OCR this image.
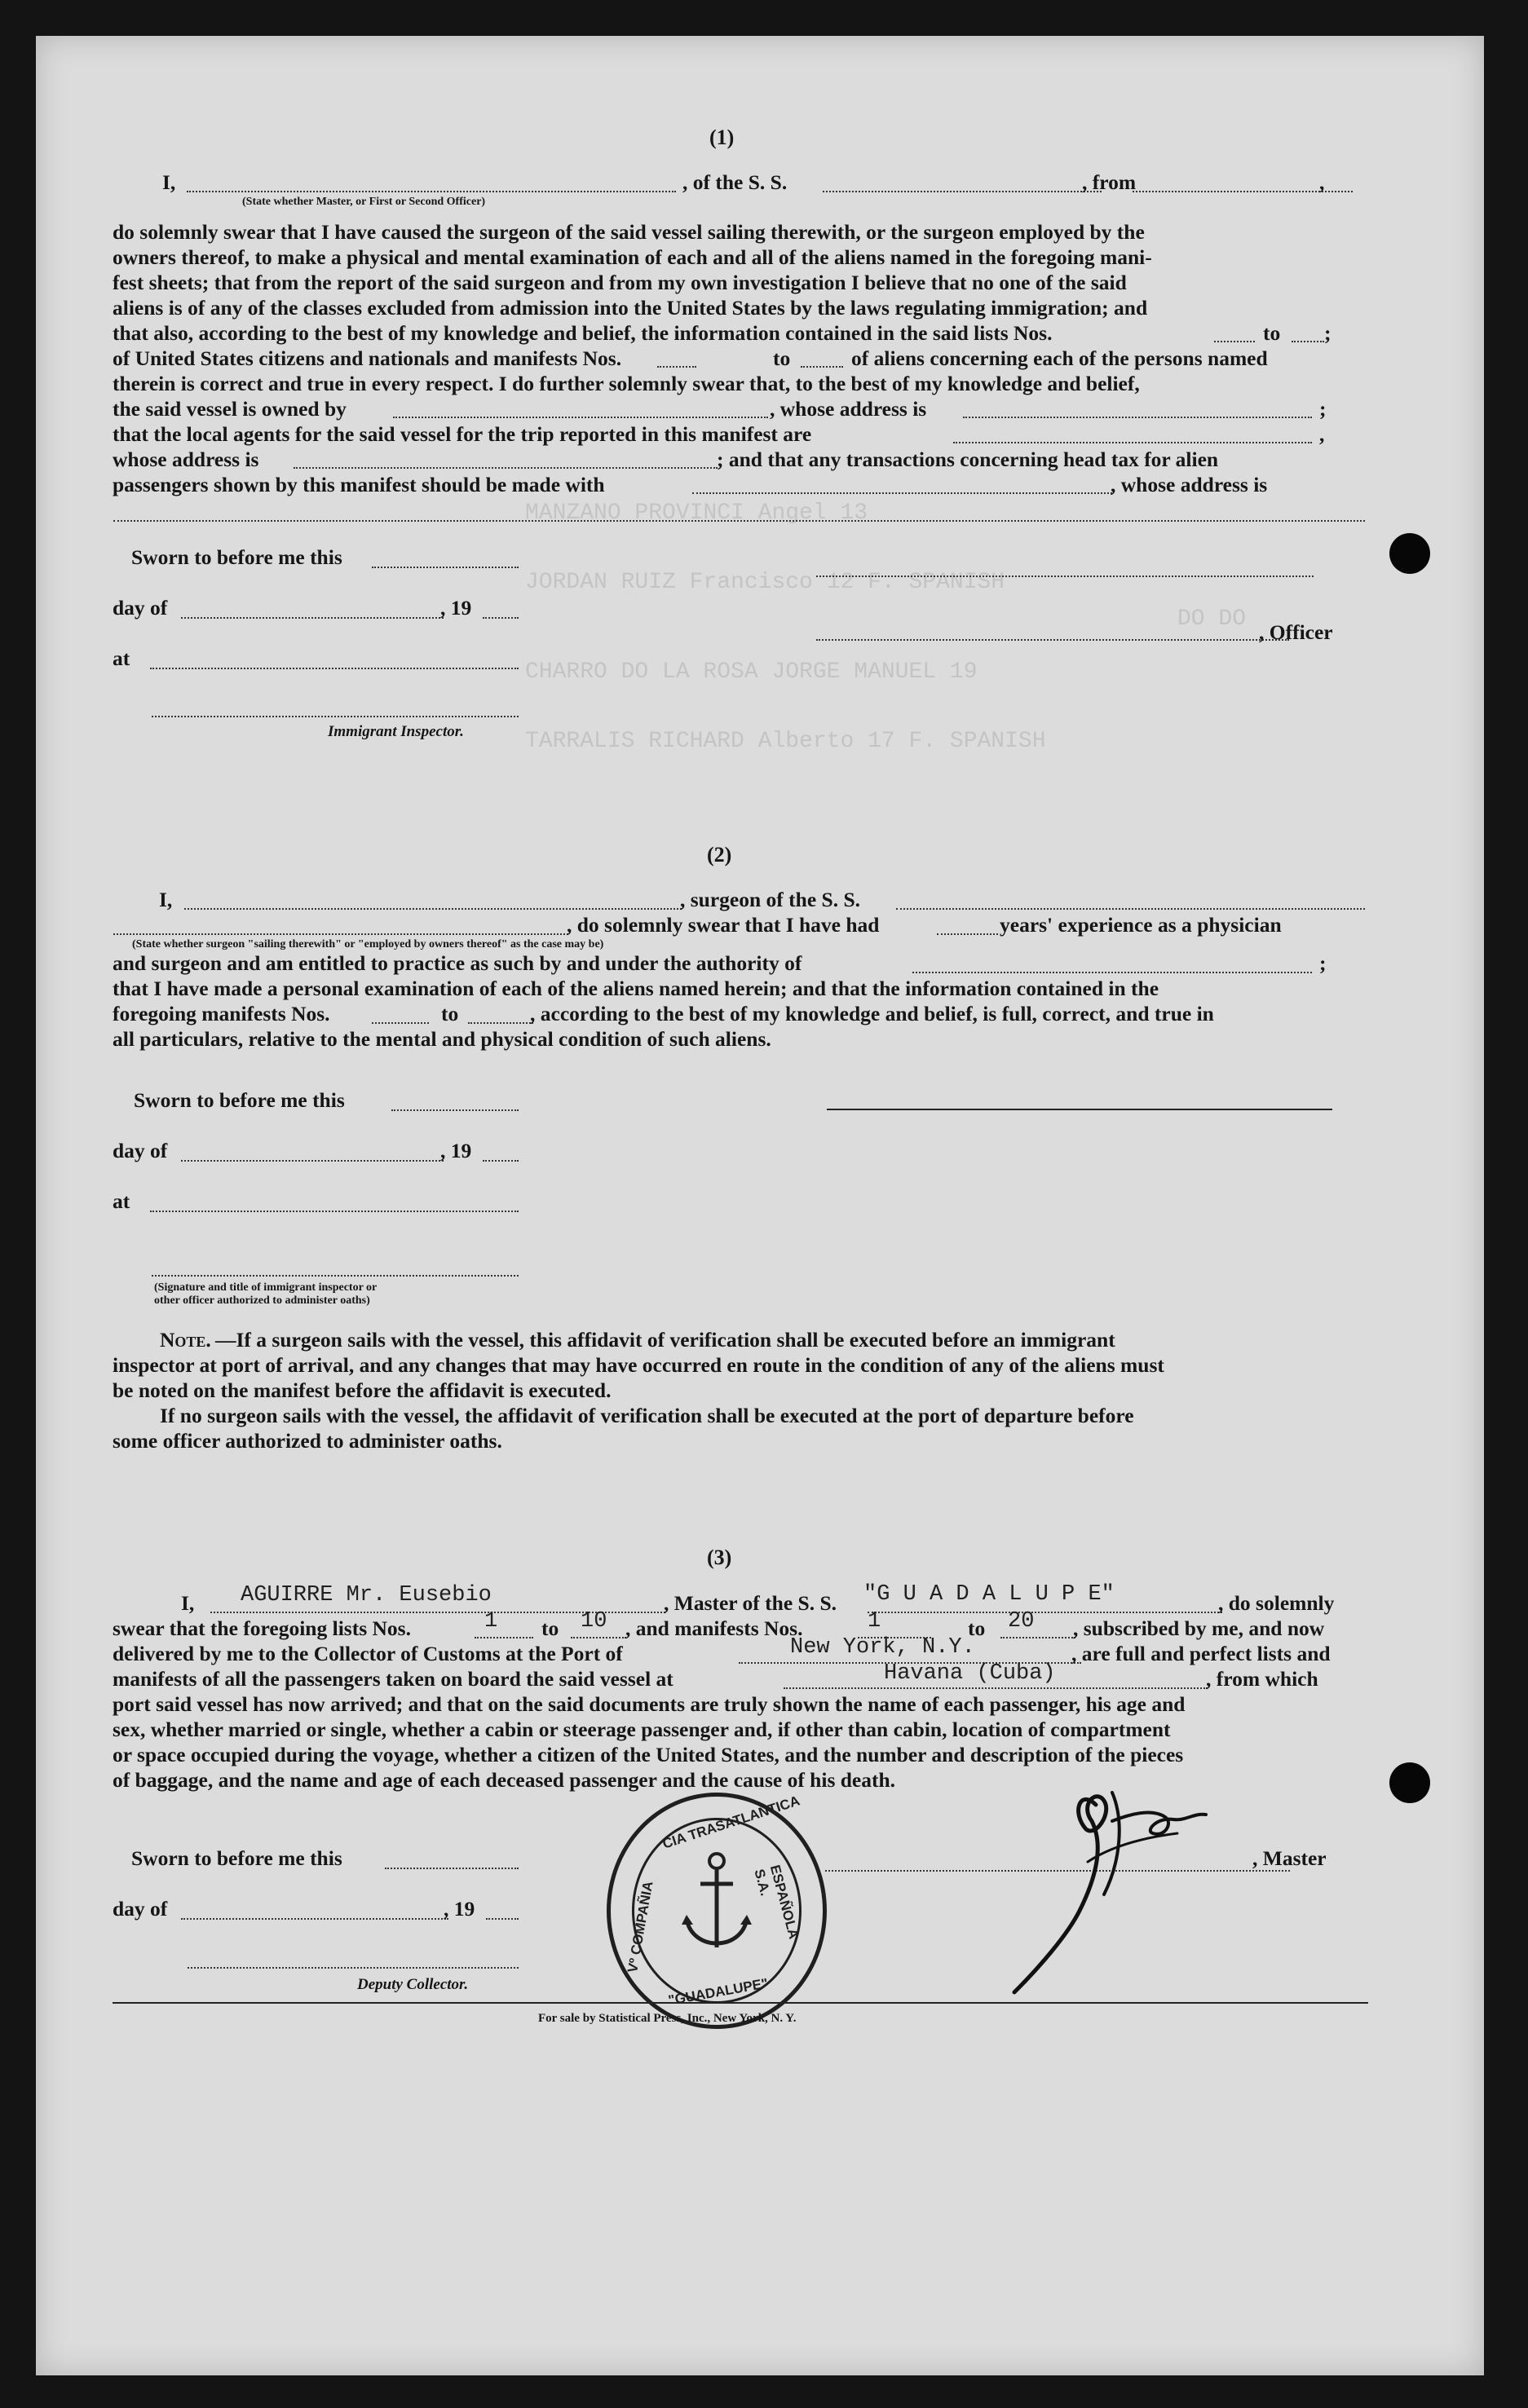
MANZANO PROVINCI Angel 13
JORDAN RUIZ Francisco 12 F. SPANISH
DO DO
CHARRO DO LA ROSA JORGE MANUEL 19
TARRALIS RICHARD Alberto 17 F. SPANISH
(1)
I,
(State whether Master, or First or Second Officer)
, of the S. S.	, from	,
do solemnly swear that I have caused the surgeon of the said vessel sailing therewith, or the surgeon employed by the
owners thereof, to make a physical and mental examination of each and all of the aliens named in the foregoing mani-
fest sheets; that from the report of the said surgeon and from my own investigation I believe that no one of the said
aliens is of any of the classes excluded from admission into the United States by the laws regulating immigration; and
that also, according to the best of my knowledge and belief, the information contained in the said lists Nos.	to ;
of United States citizens and nationals and manifests Nos.	to	of aliens concerning each of the persons named
therein is correct and true in every respect. I do further solemnly swear that, to the best of my knowledge and belief,
the said vessel is owned by	, whose address is	;
that the local agents for the said vessel for the trip reported in this manifest are	,
whose address is	; and that any transactions concerning head tax for alien
passengers shown by this manifest should be made with	, whose address is
Sworn to before me this
day of	, 19
at
Immigrant Inspector.
, Officer
(2)
I,	, surgeon of the S. S.
(State whether surgeon "sailing therewith" or "employed by owners thereof" as the case may be)
, do solemnly swear that I have had	years' experience as a physician
and surgeon and am entitled to practice as such by and under the authority of	;
that I have made a personal examination of each of the aliens named herein; and that the information contained in the
foregoing manifests Nos.	to	, according to the best of my knowledge and belief, is full, correct, and true in
all particulars, relative to the mental and physical condition of such aliens.
Sworn to before me this
day of	, 19
at
(Signature and title of immigrant inspector or
other officer authorized to administer oaths)
Note. —If a surgeon sails with the vessel, this affidavit of verification shall be executed before an immigrant
inspector at port of arrival, and any changes that may have occurred en route in the condition of any of the aliens must
be noted on the manifest before the affidavit is executed.
If no surgeon sails with the vessel, the affidavit of verification shall be executed at the port of departure before
some officer authorized to administer oaths.
(3)
I, AGUIRRE Mr. Eusebio	, Master of the S. S. "G U A D A L U P E"	, do solemnly
swear that the foregoing lists Nos.	1 to 10 , and manifests Nos.	1	to 20 , subscribed by me, and now
delivered by me to the Collector of Customs at the Port of	New York, N.Y.	, are full and perfect lists and
manifests of all the passengers taken on board the said vessel at	Havana (Cuba)	, from which
port said vessel has now arrived; and that on the said documents are truly shown the name of each passenger, his age and
sex, whether married or single, whether a cabin or steerage passenger and, if other than cabin, location of compartment
or space occupied during the voyage, whether a citizen of the United States, and the number and description of the pieces
of baggage, and the name and age of each deceased passenger and the cause of his death.
Sworn to before me this
day of	, 19
Deputy Collector.
, Master
CIA TRASATLANTICA
ESPAÑOLA S.A.
Vº COMPAÑIA
"GUADALUPE"
For sale by Statistical Press, Inc., New York, N. Y.
